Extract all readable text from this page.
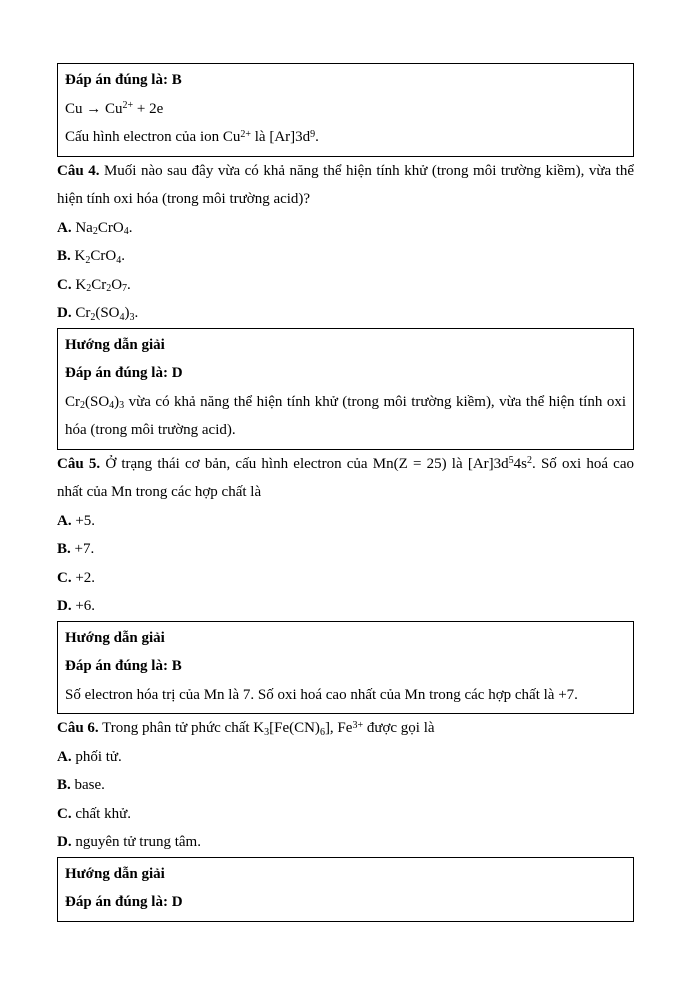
Đáp án đúng là: B

$Cu \to Cu^{2+} + 2e$

Cấu hình electron của ion $Cu^{2+}$ là $[Ar]3d^9$.

Câu 4. Muối nào sau đây vừa có khả năng thể hiện tính khử (trong môi trường kiềm), vừa thể hiện tính oxi hóa (trong môi trường acid)?

A. $Na_2CrO_4$.

B. $K_2CrO_4$.

C. $K_2Cr_2O_7$.

D. $Cr_2(SO_4)_3$.

Hướng dẫn giải

Đáp án đúng là: D

$Cr_2(SO_4)_3$ vừa có khả năng thể hiện tính khử (trong môi trường kiềm), vừa thể hiện tính oxi hóa (trong môi trường acid).

Câu 5. Ở trạng thái cơ bản, cấu hình electron của Mn(Z = 25) là $[Ar]3d^54s^2$. Số oxi hoá cao nhất của Mn trong các hợp chất là

A. +5.

B. +7.

C. +2.

D. +6.

Hướng dẫn giải

Đáp án đúng là: B

Số electron hóa trị của Mn là 7. Số oxi hoá cao nhất của Mn trong các hợp chất là +7.

Câu 6. Trong phân tử phức chất $K_3[Fe(CN)_6]$, $Fe^{3+}$ được gọi là

A. phối tử.

B. base.

C. chất khử.

D. nguyên tử trung tâm.

Hướng dẫn giải

Đáp án đúng là: D
